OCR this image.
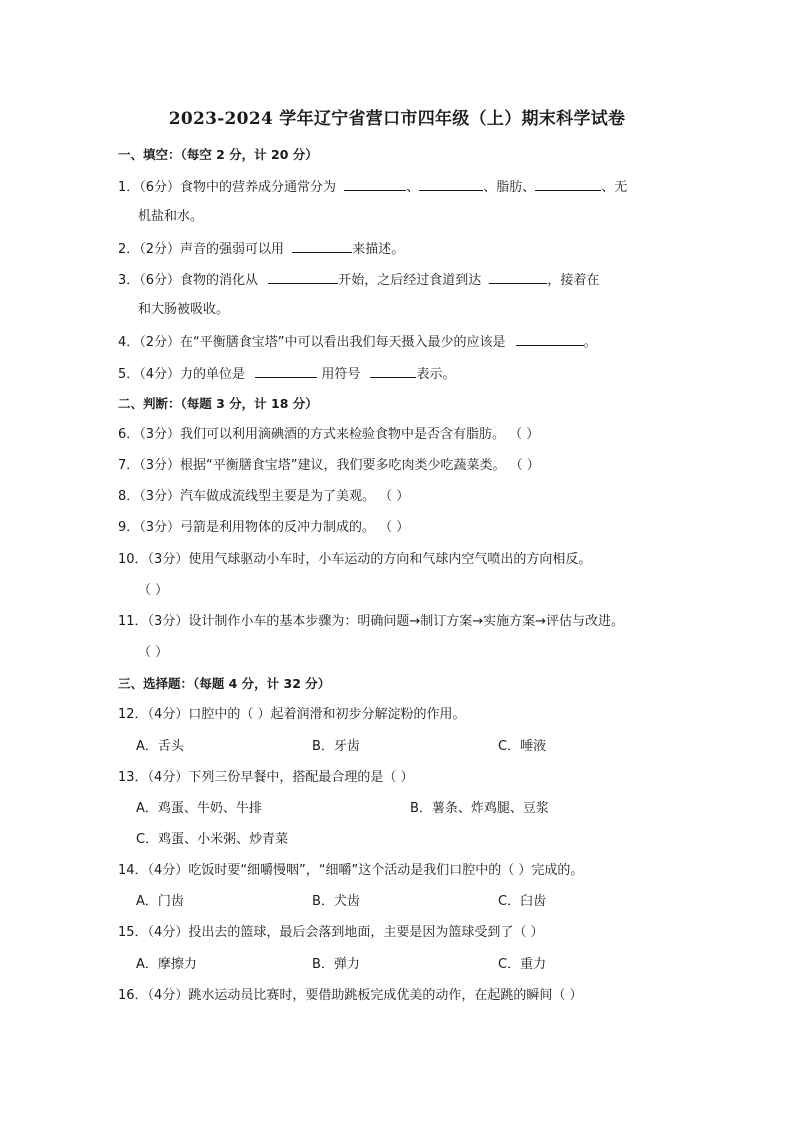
2023-2024 学年辽宁省营口市四年级（上）期末科学试卷
一、填空：（每空 2 分，计 20 分）
1．（6分）食物中的营养成分通常分为	、	、脂肪、	、无
机盐和水。
2．（2分）声音的强弱可以用	来描述。
3．（6分）食物的消化从	开始，之后经过食道到达	，接着在
和大肠被吸收。
4．（2分）在“平衡膳食宝塔”中可以看出我们每天摄入最少的应该是	。
5．（4分）力的单位是	用符号	表示。
二、判断：（每题 3 分，计 18 分）
6．（3分）我们可以利用滴碘酒的方式来检验食物中是否含有脂肪。 （ ）
7．（3分）根据“平衡膳食宝塔”建议，我们要多吃肉类少吃蔬菜类。 （ ）
8．（3分）汽车做成流线型主要是为了美观。 （ ）
9．（3分）弓箭是利用物体的反冲力制成的。 （ ）
10．（3分）使用气球驱动小车时，小车运动的方向和气球内空气喷出的方向相反。
（ ）
11．（3分）设计制作小车的基本步骤为：明确问题→制订方案→实施方案→评估与改进。
（ ）
三、选择题：（每题 4 分，计 32 分）
12．（4分）口腔中的（ ）起着润滑和初步分解淀粉的作用。
A．舌头	B．牙齿	C．唾液
13．（4分）下列三份早餐中，搭配最合理的是（ ）
A．鸡蛋、牛奶、牛排	B．薯条、炸鸡腿、豆浆
C．鸡蛋、小米粥、炒青菜
14．（4分）吃饭时要“细嚼慢咽”，“细嚼”这个活动是我们口腔中的（ ）完成的。
A．门齿	B．犬齿	C．臼齿
15．（4分）投出去的篮球，最后会落到地面，主要是因为篮球受到了（ ）
A．摩擦力	B．弹力	C．重力
16．（4分）跳水运动员比赛时，要借助跳板完成优美的动作，在起跳的瞬间（ ）
